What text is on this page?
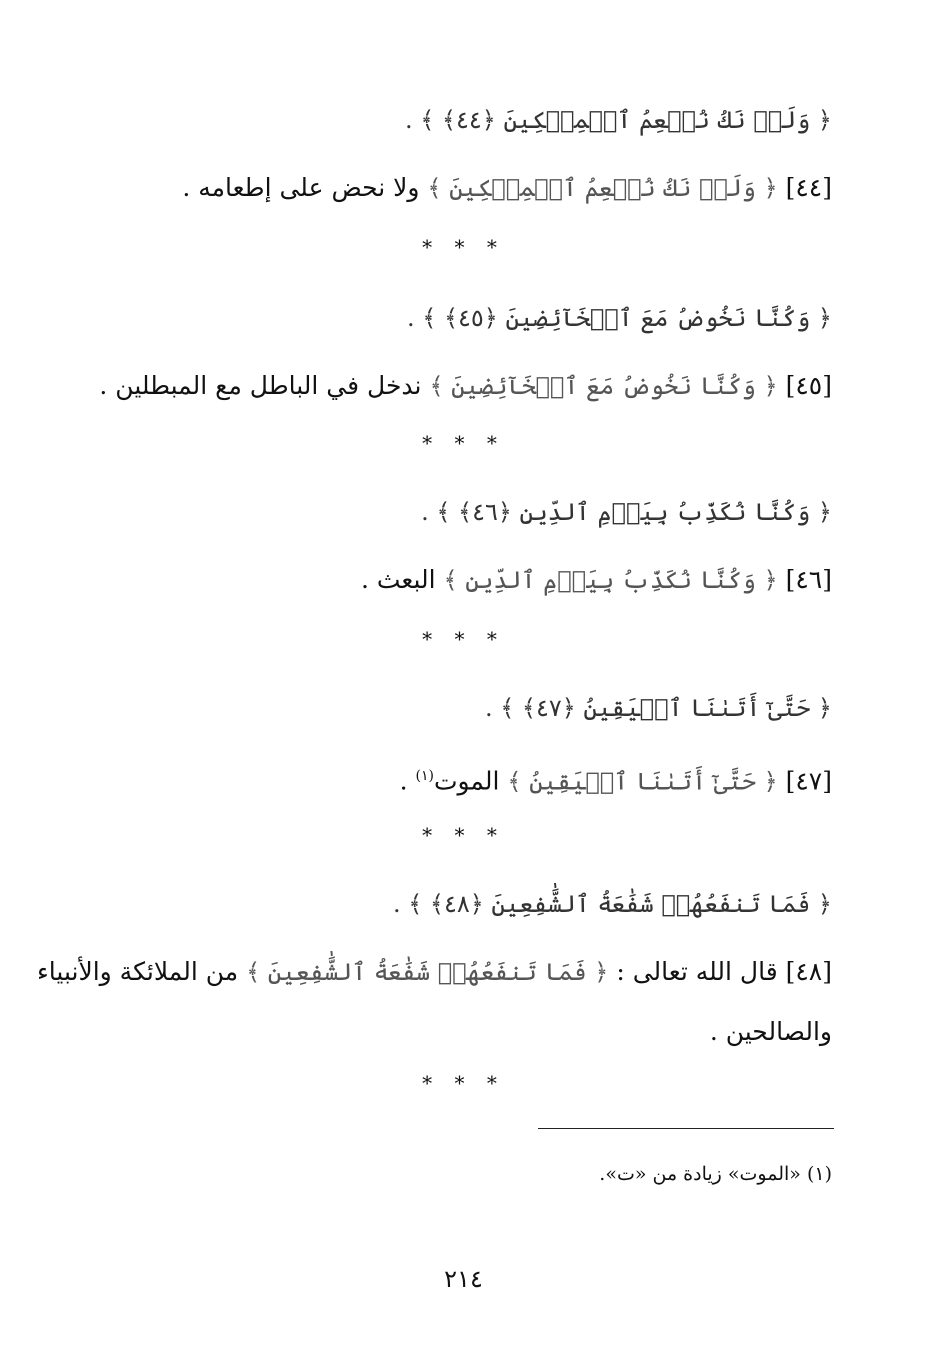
﴿ وَلَمۡ نَكُ نُطۡعِمُ ٱلۡمِسۡكِينَ ﴿٤٤﴾ ﴾ .
[٤٤] ﴿ وَلَمۡ نَكُ نُطۡعِمُ ٱلۡمِسۡكِينَ ﴾ ولا نحض على إطعامه .
* * *
﴿ وَكُنَّا نَخُوضُ مَعَ ٱلۡخَآئِضِينَ ﴿٤٥﴾ ﴾ .
[٤٥] ﴿ وَكُنَّا نَخُوضُ مَعَ ٱلۡخَآئِضِينَ ﴾ ندخل في الباطل مع المبطلين .
* * *
﴿ وَكُنَّا نُكَذِّبُ بِيَوۡمِ ٱلدِّينِ ﴿٤٦﴾ ﴾ .
[٤٦] ﴿ وَكُنَّا نُكَذِّبُ بِيَوۡمِ ٱلدِّينِ ﴾ البعث .
* * *
﴿ حَتَّىٰٓ أَتَىٰنَا ٱلۡيَقِينُ ﴿٤٧﴾ ﴾ .
[٤٧] ﴿ حَتَّىٰٓ أَتَىٰنَا ٱلۡيَقِينُ ﴾ الموت$^{(١)}$ .
* * *
﴿ فَمَا تَنفَعُهُمۡ شَفَٰعَةُ ٱلشَّٰفِعِينَ ﴿٤٨﴾ ﴾ .
[٤٨] قال الله تعالى : ﴿ فَمَا تَنفَعُهُمۡ شَفَٰعَةُ ٱلشَّٰفِعِينَ ﴾ من الملائكة والأنبياء
والصالحين .
* * *
(١) «الموت» زيادة من «ت».
٢١٤
